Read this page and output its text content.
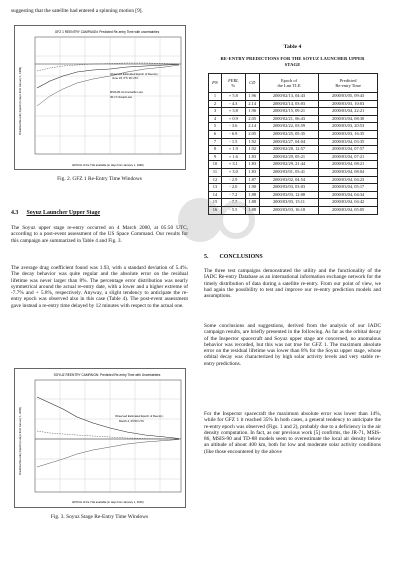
suggesting that the satellite had entered a spinning motion [9].

GFZ 1 REENTRY CAMPAIGN: Predicted Re-entry Time with uncertainties
Predicted Re-entry Epoch (in days from January 1, 1999)	Observed Estimated Epoch of Reentry:
June 23, 0^h 30 UTC
MSIS-86 Commonwide Loss
JR-71 Closed Loss
EPOCH of the TLE available (in days from January 1, 1999)
Fig. 2. GFZ 1 Re-Entry Time Windows
4.3 Soyuz Launcher Upper Stage

The Soyuz upper stage re-entry occurred on 4 March 2000, at 05:50 UTC, according to a post-event assessment of the US Space Command. Our results for this campaign are summarized in Table 4 and Fig. 3.

The average drag coefficient found was 1.93, with a standard deviation of 5.4%. The decay behavior was quite regular and the absolute error on the residual lifetime was never larger than 8%. The percentage error distribution was nearly symmetrical around the actual re-entry date, with a lower and a higher extreme of -7.7% and + 5.8%, respectively. Anyway, a slight tendency to anticipate the re-entry epoch was observed also in this case (Table 4). The post-event assessment gave instead a re-entry time delayed by 12 minutes with respect to the actual one.

SOYUZ REENTRY CAMPAIGN: Predicted Re-entry Time with Uncertainties
Predicted Re-entry Epoch (in days from January 1, 2000)	Observed Estimated Epoch of Reentry:
March 4, 05:50 UTC
EPOCH of the TLE available (in days from January 1, 2000)
Fig. 3. Soyuz Stage Re-Entry Time Windows
Table 4
RE-ENTRY PREDICTIONS FOR THE SOYUZ LAUNCHER UPPER STAGE
PN	FERL
%	CD	Epoch of
the Last TLE	Predicted
Re-entry Time
1	+ 5.8	1.96	2000/02/13, 04:43	2000/03/05, 09:43
2	- 4.3	2.14	2000/02/14, 03:03	2000/03/03, 10:03
3	+ 3.8	1.96	2000/02/15, 09:21	2000/03/04, 22:21
4	+ 0.9	2.05	2000/02/21, 06:43	2000/03/04, 08:30
5	- 3.6	2.14	2000/02/22, 03:59	2000/03/03, 20:53
6	- 6.9	2.05	2000/02/25, 05:35	2000/03/03, 16:35
7	- 1.5	1.92	2000/02/27, 04:04	2000/03/04, 03:35
8	+ 1.9	1.92	2000/02/28, 12:57	2000/03/04, 07:57
9	+ 1.6	1.83	2000/02/29, 05:21	2000/03/04, 07:21
10	+ 3.1	1.83	2000/02/29, 21:44	2000/03/04, 08:21
11	+ 3.0	1.83	2000/03/01, 03:41	2000/03/04, 08:04
12	- 2.9	1.87	2000/03/02, 04:54	2000/03/04, 04:23
13	- 2.0	1.90	2000/03/03, 03:03	2000/03/04, 05:17
14	- 7.2	1.88	2000/03/03, 12:08	2000/03/04, 04:34
15	- 7.7	1.88	2000/03/03, 15:11	2000/03/04, 04:42
16	- 5.5	1.88	2000/03/03, 16:18	2000/03/04, 05:05
5. CONCLUSIONS

The three test campaigns demonstrated the utility and the functionality of the IADC Re-entry Database as an international information exchange network for the timely distribution of data during a satellite re-entry. From our point of view, we had again the possibility to test and improve our re-entry prediction models and assumptions.

Some conclusions and suggestions, derived from the analysis of our IADC campaign results, are briefly presented in the following. As far as the orbital decay of the Inspector spacecraft and Soyuz upper stage are concerned, no anomalous behavior was recorded, but this was not true for GFZ 1. The maximum absolute error on the residual lifetime was lower than 8% for the Soyuz upper stage, whose orbital decay was characterized by high solar activity levels and very stable re-entry predictions.

For the Inspector spacecraft the maximum absolute error was lower than 14%, while for GFZ 1 it reached 35% In both cases, a general tendency to anticipate the re-entry epoch was observed (Figs. 1 and 2), probably due to a deficiency in the air density computation. In fact, as our previous work [5] confirms, the JR-71, MSIS-86, MSIS-90 and TD-88 models seem to overestimate the local air density below an altitude of about 400 km, both for low and moderate solar activity conditions (like those encountered by the above
